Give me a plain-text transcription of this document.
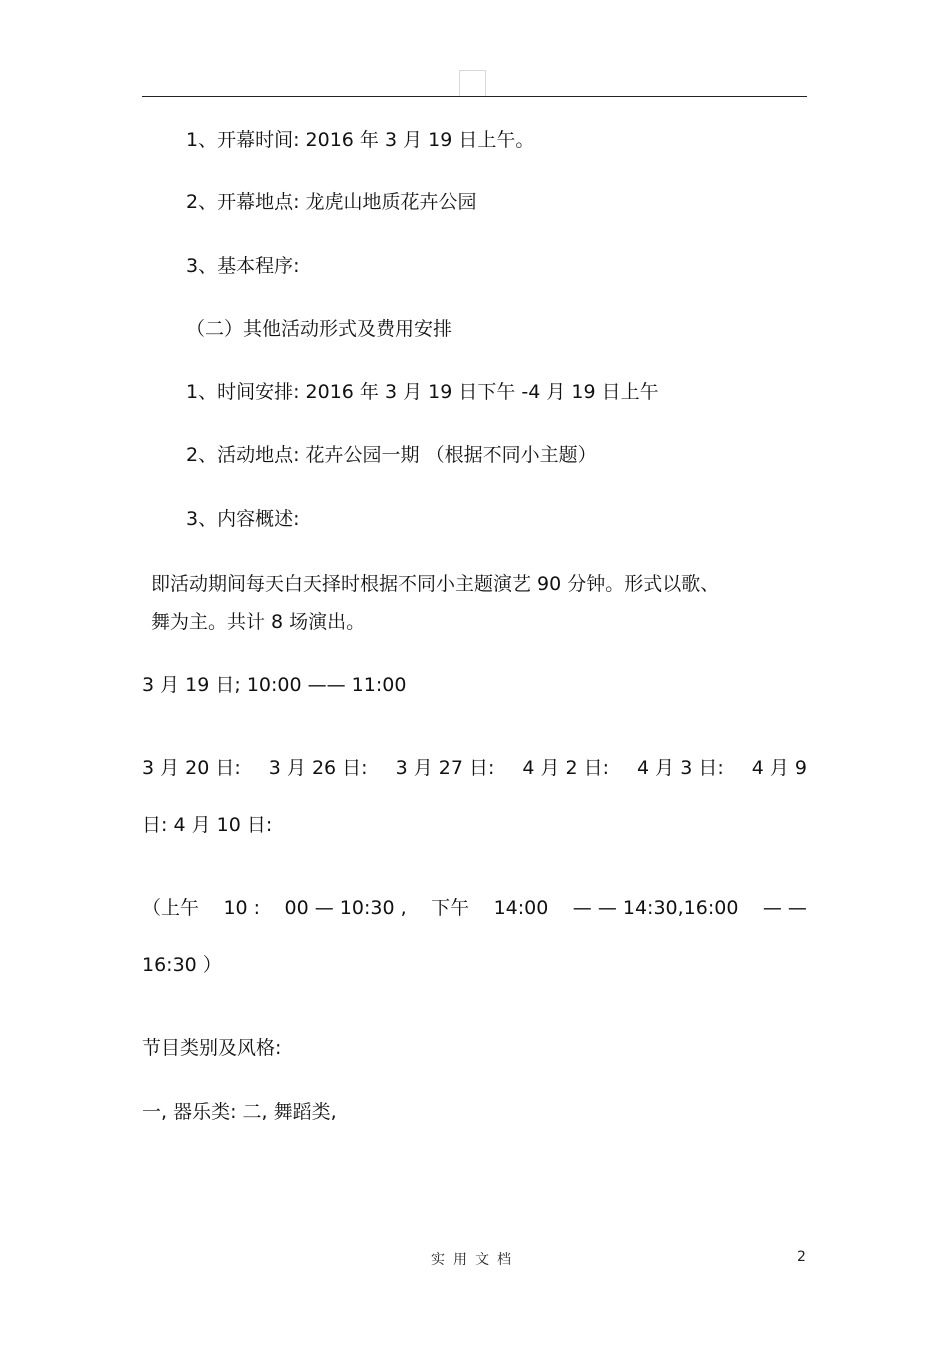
1、开幕时间: 2016 年 3 月 19 日上午。
2、开幕地点: 龙虎山地质花卉公园
3、基本程序:
（二）其他活动形式及费用安排
1、时间安排: 2016 年 3 月 19 日下午 -4 月 19 日上午
2、活动地点: 花卉公园一期 （根据不同小主题）
3、内容概述:
即活动期间每天白天择时根据不同小主题演艺 90 分钟。形式以歌、
舞为主。共计 8 场演出。
3 月 19 日; 10:00 —— 11:00
3 月 20 日: 3 月 26 日: 3 月 27 日: 4 月 2 日: 4 月 3 日: 4 月 9
日: 4 月 10 日:
（上午 10 : 00 — 10:30 , 下午 14:00 — — 14:30,16:00 — —
16:30 ）
节目类别及风格:
一, 器乐类: 二, 舞蹈类,
实用文档	2
